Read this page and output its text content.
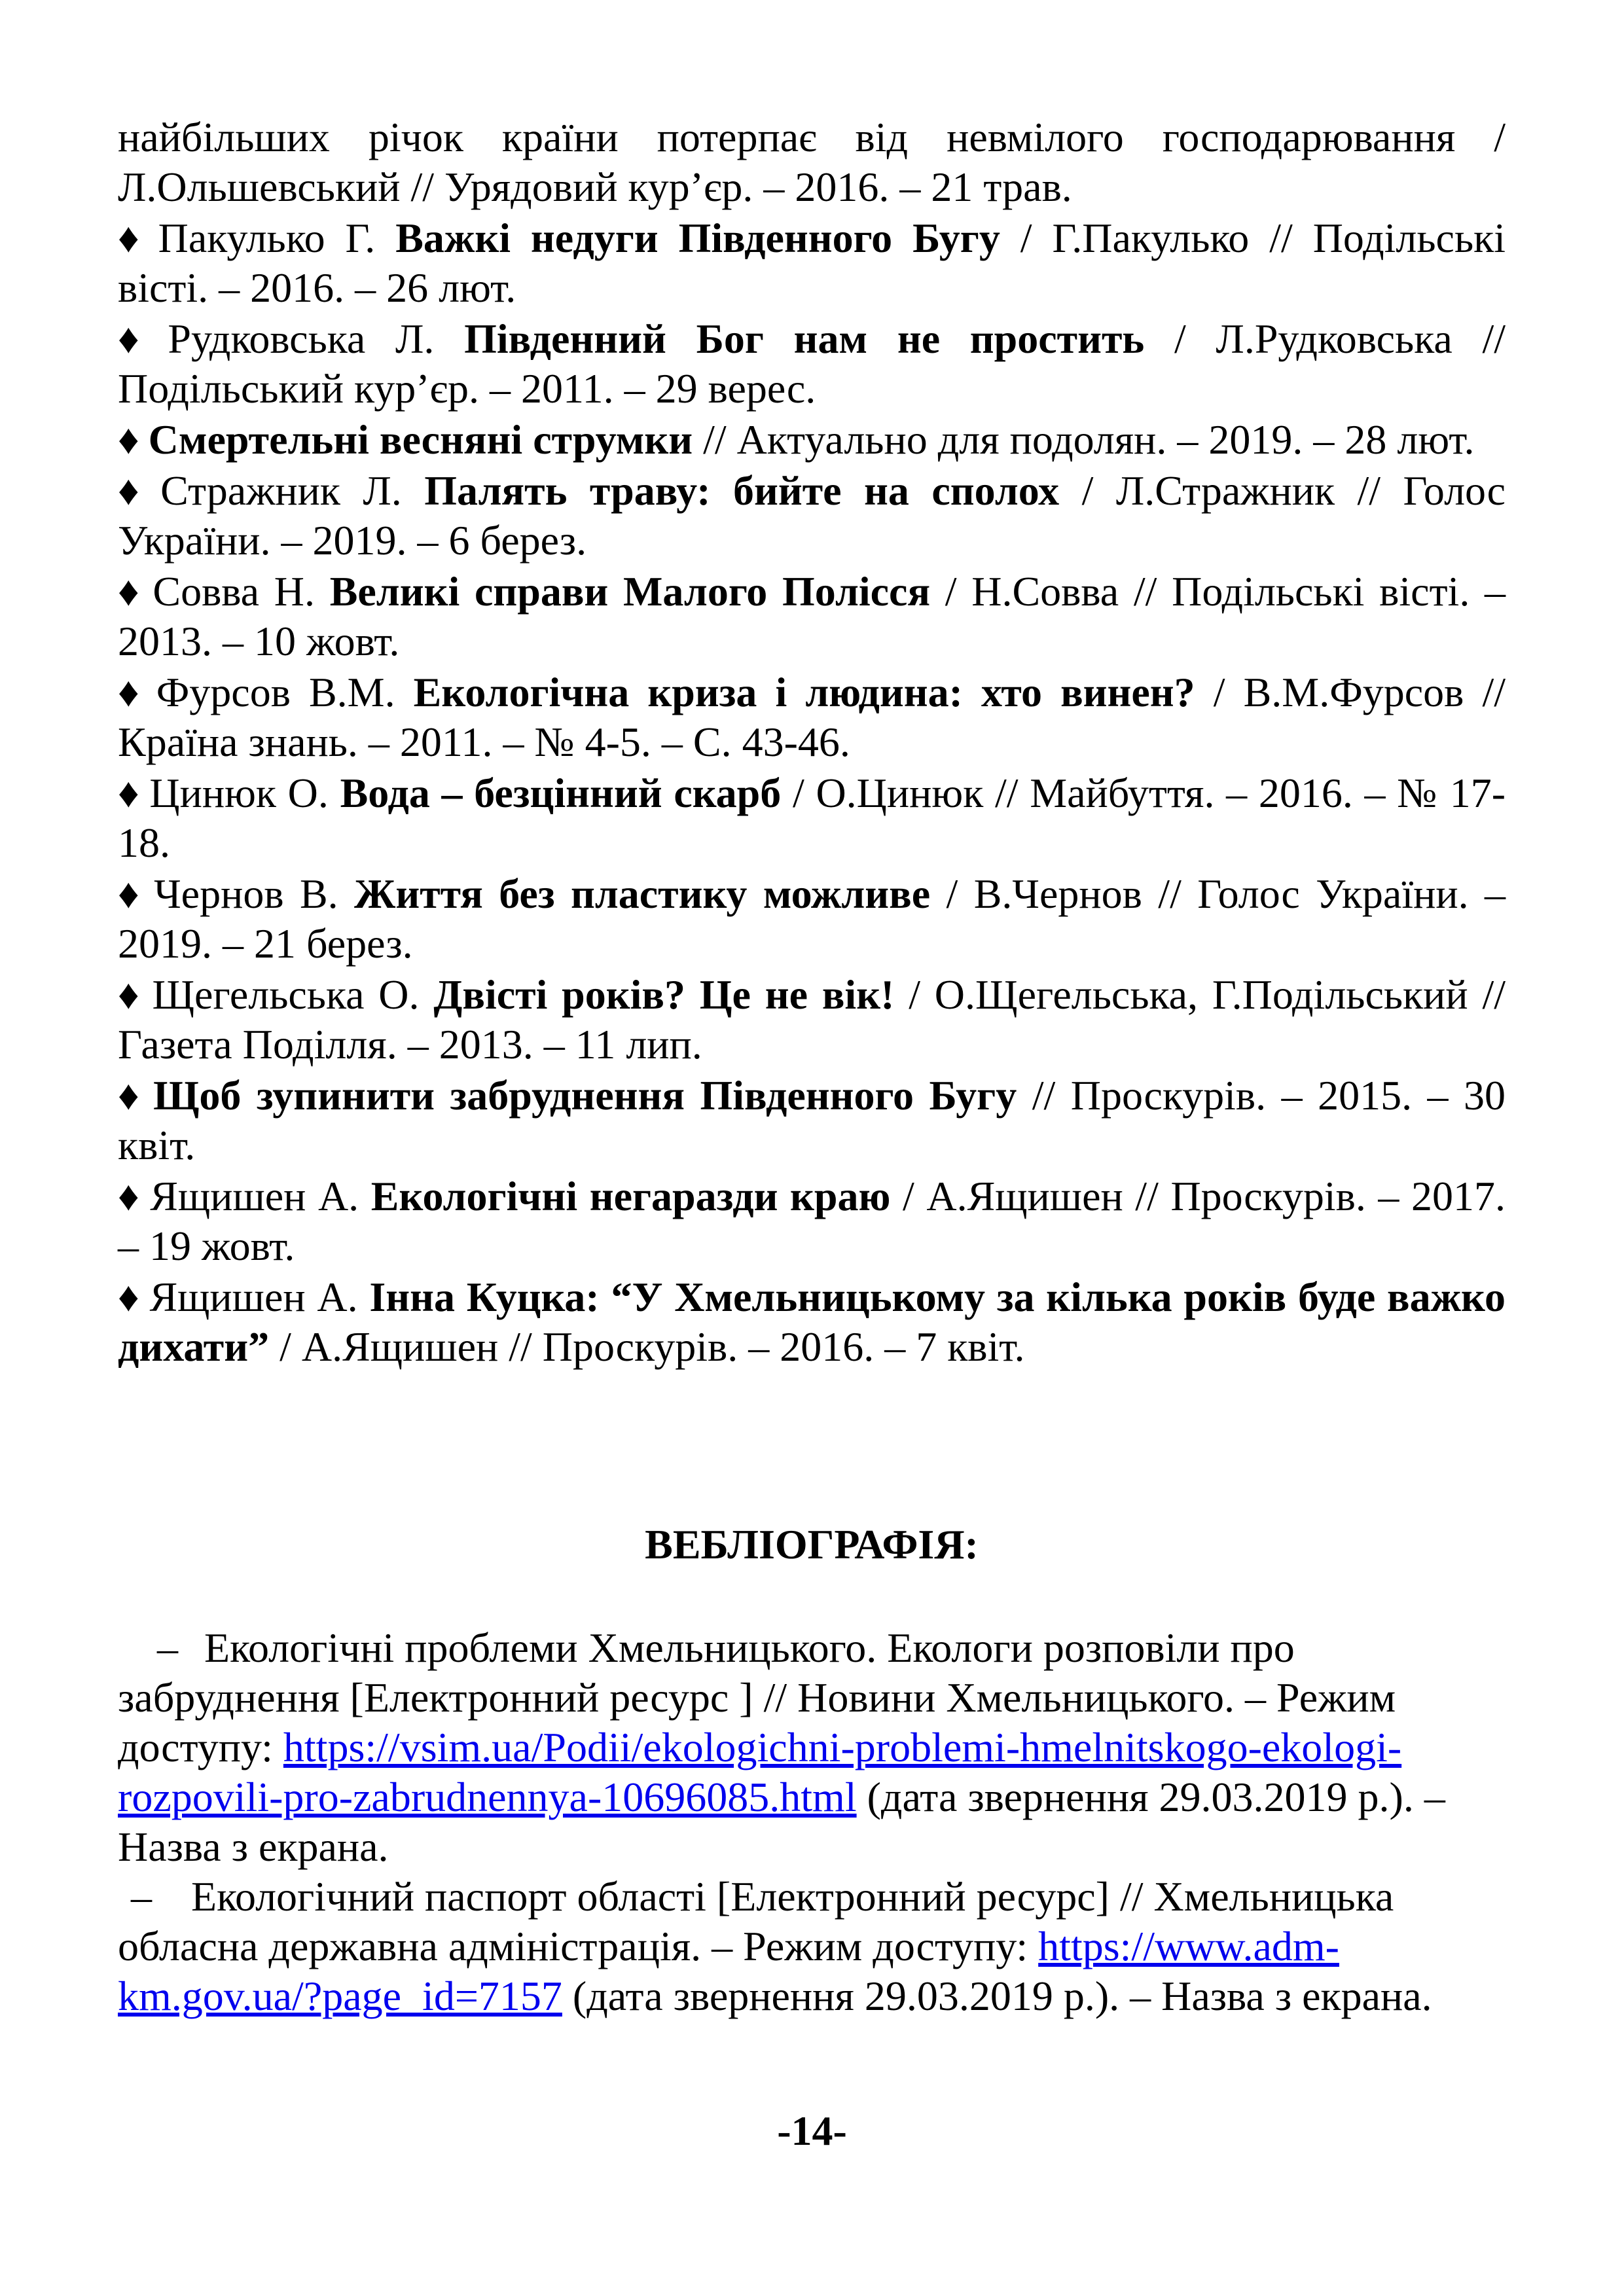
найбільших річок країни потерпає від невмілого господарювання / Л.Ольшевський // Урядовий кур’єр. – 2016. – 21 трав.

♦ Пакулько Г. Важкі недуги Південного Бугу / Г.Пакулько // Подільські вісті. – 2016. – 26 лют.

♦ Рудковська Л. Південний Бог нам не простить / Л.Рудковська // Подільський кур’єр. – 2011. – 29 верес.

♦ Смертельні весняні струмки // Актуально для подолян. – 2019. – 28 лют.

♦ Стражник Л. Палять траву: бийте на сполох / Л.Стражник // Голос України. – 2019. – 6 берез.

♦ Совва Н. Великі справи Малого Полісся / Н.Совва // Подільські вісті. – 2013. – 10 жовт.

♦ Фурсов В.М. Екологічна криза і людина: хто винен? / В.М.Фурсов // Країна знань. – 2011. – № 4-5. – С. 43-46.

♦ Цинюк О. Вода – безцінний скарб / О.Цинюк // Майбуття. – 2016. – № 17-18.

♦ Чернов В. Життя без пластику можливе / В.Чернов // Голос України. – 2019. – 21 берез.

♦ Щегельська О. Двісті років? Це не вік! / О.Щегельська, Г.Подільський // Газета Поділля. – 2013. – 11 лип.

♦ Щоб зупинити забруднення Південного Бугу // Проскурів. – 2015. – 30 квіт.

♦ Ящишен А. Екологічні негаразди краю / А.Ящишен // Проскурів. – 2017. – 19 жовт.

♦ Ящишен А. Інна Куцка: “У Хмельницькому за кілька років буде важко дихати” / А.Ящишен // Проскурів. – 2016. – 7 квіт.

ВЕБЛІОГРАФІЯ:

– Екологічні проблеми Хмельницького. Екологи розповіли про забруднення [Електронний ресурс ] // Новини Хмельницького. – Режим доступу: https://vsim.ua/Podii/ekologichni-problemi-hmelnitskogo-ekologi-rozpovili-pro-zabrudnennya-10696085.html (дата звернення 29.03.2019 р.). – Назва з екрана.

– Екологічний паспорт області [Електронний ресурс] // Хмельницька обласна державна адміністрація. – Режим доступу: https://www.adm-km.gov.ua/?page_id=7157 (дата звернення 29.03.2019 р.). – Назва з екрана.

-14-
